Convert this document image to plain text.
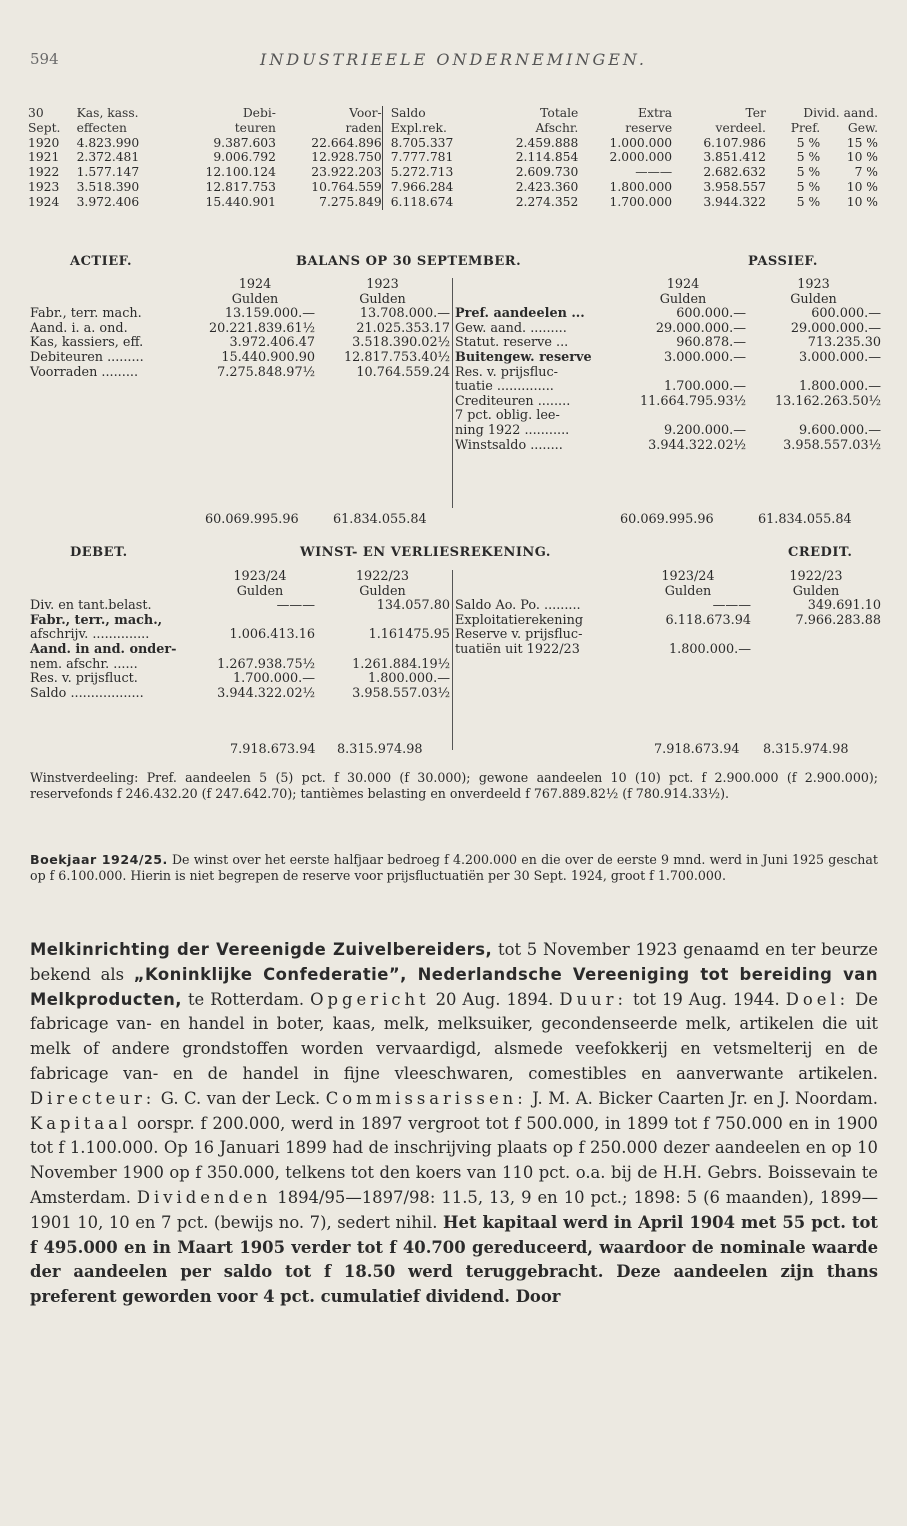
594	INDUSTRIEELE ONDERNEMINGEN.
30	Kas, kass.	Debi-	Voor-		Saldo	Totale	Extra	Ter	Divid. aand.	
Sept.	effecten	teuren	raden		Expl.rek.	Afschr.	reserve	verdeel.	Pref.	Gew.
1920	4.823.990	9.387.603	22.664.896		8.705.337	2.459.888	1.000.000	6.107.986	5 %	15 %
1921	2.372.481	9.006.792	12.928.750		7.777.781	2.114.854	2.000.000	3.851.412	5 %	10 %
1922	1.577.147	12.100.124	23.922.203		5.272.713	2.609.730	———	2.682.632	5 %	7 %
1923	3.518.390	12.817.753	10.764.559		7.966.284	2.423.360	1.800.000	3.958.557	5 %	10 %
1924	3.972.406	15.440.901	7.275.849		6.118.674	2.274.352	1.700.000	3.944.322	5 %	10 %
ACTIEF.	BALANS OP 30 SEPTEMBER.	PASSIEF.
	1924	1923
	Gulden	Gulden
Fabr., terr. mach.	13.159.000.—	13.708.000.—
Aand. i. a. ond.	20.221.839.61½	21.025.353.17
Kas, kassiers, eff.	3.972.406.47	3.518.390.02½
Debiteuren .........	15.440.900.90	12.817.753.40½
Voorraden .........	7.275.848.97½	10.764.559.24
	1924	1923
	Gulden	Gulden
Pref. aandeelen ...	600.000.—	600.000.—
Gew. aand. .........	29.000.000.—	29.000.000.—
Statut. reserve ...	960.878.—	713.235.30
Buitengew. reserve	3.000.000.—	3.000.000.—
Res. v. prijsfluc-		
tuatie ..............	1.700.000.—	1.800.000.—
Crediteuren ........	11.664.795.93½	13.162.263.50½
7 pct. oblig. lee-		
ning 1922 ...........	9.200.000.—	9.600.000.—
Winstsaldo ........	3.944.322.02½	3.958.557.03½
60.069.995.96	61.834.055.84	60.069.995.96	61.834.055.84
DEBET.	WINST- EN VERLIESREKENING.	CREDIT.
	1923/24	1922/23
	Gulden	Gulden
Div. en tant.belast.	———	134.057.80
Fabr., terr., mach.,		
afschrijv. ..............	1.006.413.16	1.161475.95
Aand. in and. onder-		
nem. afschr. ......	1.267.938.75½	1.261.884.19½
Res. v. prijsfluct.	1.700.000.—	1.800.000.—
Saldo ..................	3.944.322.02½	3.958.557.03½
	1923/24	1922/23
	Gulden	Gulden
Saldo Ao. Po. .........	———	349.691.10
Exploitatierekening	6.118.673.94	7.966.283.88
Reserve v. prijsfluc-		
tuatiën uit 1922/23	1.800.000.—	
7.918.673.94 8.315.974.98	7.918.673.94 8.315.974.98
Winstverdeeling: Pref. aandeelen 5 (5) pct. f 30.000 (f 30.000); gewone aandeelen 10 (10) pct. f 2.900.000 (f 2.900.000); reservefonds f 246.432.20 (f 247.642.70); tantièmes belasting en onverdeeld f 767.889.82½ (f 780.914.33½).
Boekjaar 1924/25. De winst over het eerste halfjaar bedroeg f 4.200.000 en die over de eerste 9 mnd. werd in Juni 1925 geschat op f 6.100.000. Hierin is niet begrepen de reserve voor prijsfluctuatiën per 30 Sept. 1924, groot f 1.700.000.
Melkinrichting der Vereenigde Zuivelbereiders, tot 5 November 1923 genaamd en ter beurze bekend als „Koninklijke Confederatie”, Nederlandsche Vereeniging tot bereiding van Melkproducten, te Rotterdam. Opgericht 20 Aug. 1894. Duur: tot 19 Aug. 1944. Doel: De fabricage van- en handel in boter, kaas, melk, melksuiker, gecondenseerde melk, artikelen die uit melk of andere grondstoffen worden vervaardigd, alsmede veefokkerij en vetsmelterij en de fabricage van- en de handel in fijne vleeschwaren, comestibles en aanverwante artikelen. Directeur: G. C. van der Leck. Commissarissen: J. M. A. Bicker Caarten Jr. en J. Noordam. Kapitaal oorspr. f 200.000, werd in 1897 vergroot tot f 500.000, in 1899 tot f 750.000 en in 1900 tot f 1.100.000. Op 16 Januari 1899 had de inschrijving plaats op f 250.000 dezer aandeelen en op 10 November 1900 op f 350.000, telkens tot den koers van 110 pct. o.a. bij de H.H. Gebrs. Boissevain te Amsterdam. Dividenden 1894/95—1897/98: 11.5, 13, 9 en 10 pct.; 1898: 5 (6 maanden), 1899—1901 10, 10 en 7 pct. (bewijs no. 7), sedert nihil. Het kapitaal werd in April 1904 met 55 pct. tot f 495.000 en in Maart 1905 verder tot f 40.700 gereduceerd, waardoor de nominale waarde der aandeelen per saldo tot f 18.50 werd teruggebracht. Deze aandeelen zijn thans preferent geworden voor 4 pct. cumulatief dividend. Door
